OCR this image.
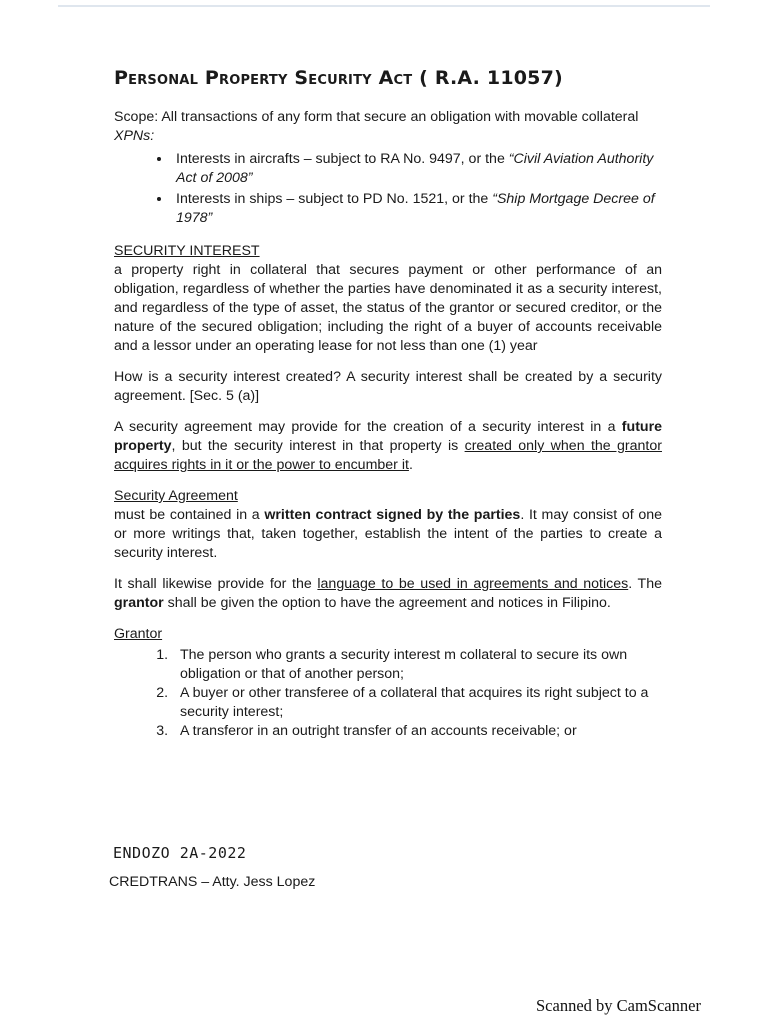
Personal Property Security Act ( R.A. 11057)

Scope: All transactions of any form that secure an obligation with movable collateral

XPNs:
• Interests in aircrafts – subject to RA No. 9497, or the “Civil Aviation Authority Act of 2008”
• Interests in ships – subject to PD No. 1521, or the “Ship Mortgage Decree of 1978”
SECURITY INTEREST

a property right in collateral that secures payment or other performance of an obligation, regardless of whether the parties have denominated it as a security interest, and regardless of the type of asset, the status of the grantor or secured creditor, or the nature of the secured obligation; including the right of a buyer of accounts receivable and a lessor under an operating lease for not less than one (1) year

How is a security interest created? A security interest shall be created by a security agreement. [Sec. 5 (a)]

A security agreement may provide for the creation of a security interest in a future property, but the security interest in that property is created only when the grantor acquires rights in it or the power to encumber it.

Security Agreement

must be contained in a written contract signed by the parties. It may consist of one or more writings that, taken together, establish the intent of the parties to create a security interest.

It shall likewise provide for the language to be used in agreements and notices. The grantor shall be given the option to have the agreement and notices in Filipino.

Grantor
1. The person who grants a security interest m collateral to secure its own obligation or that of another person;
2. A buyer or other transferee of a collateral that acquires its right subject to a security interest;
3. A transferor in an outright transfer of an accounts receivable; or
ENDOZO 2A-2022
CREDTRANS – Atty. Jess Lopez
Scanned by CamScanner
